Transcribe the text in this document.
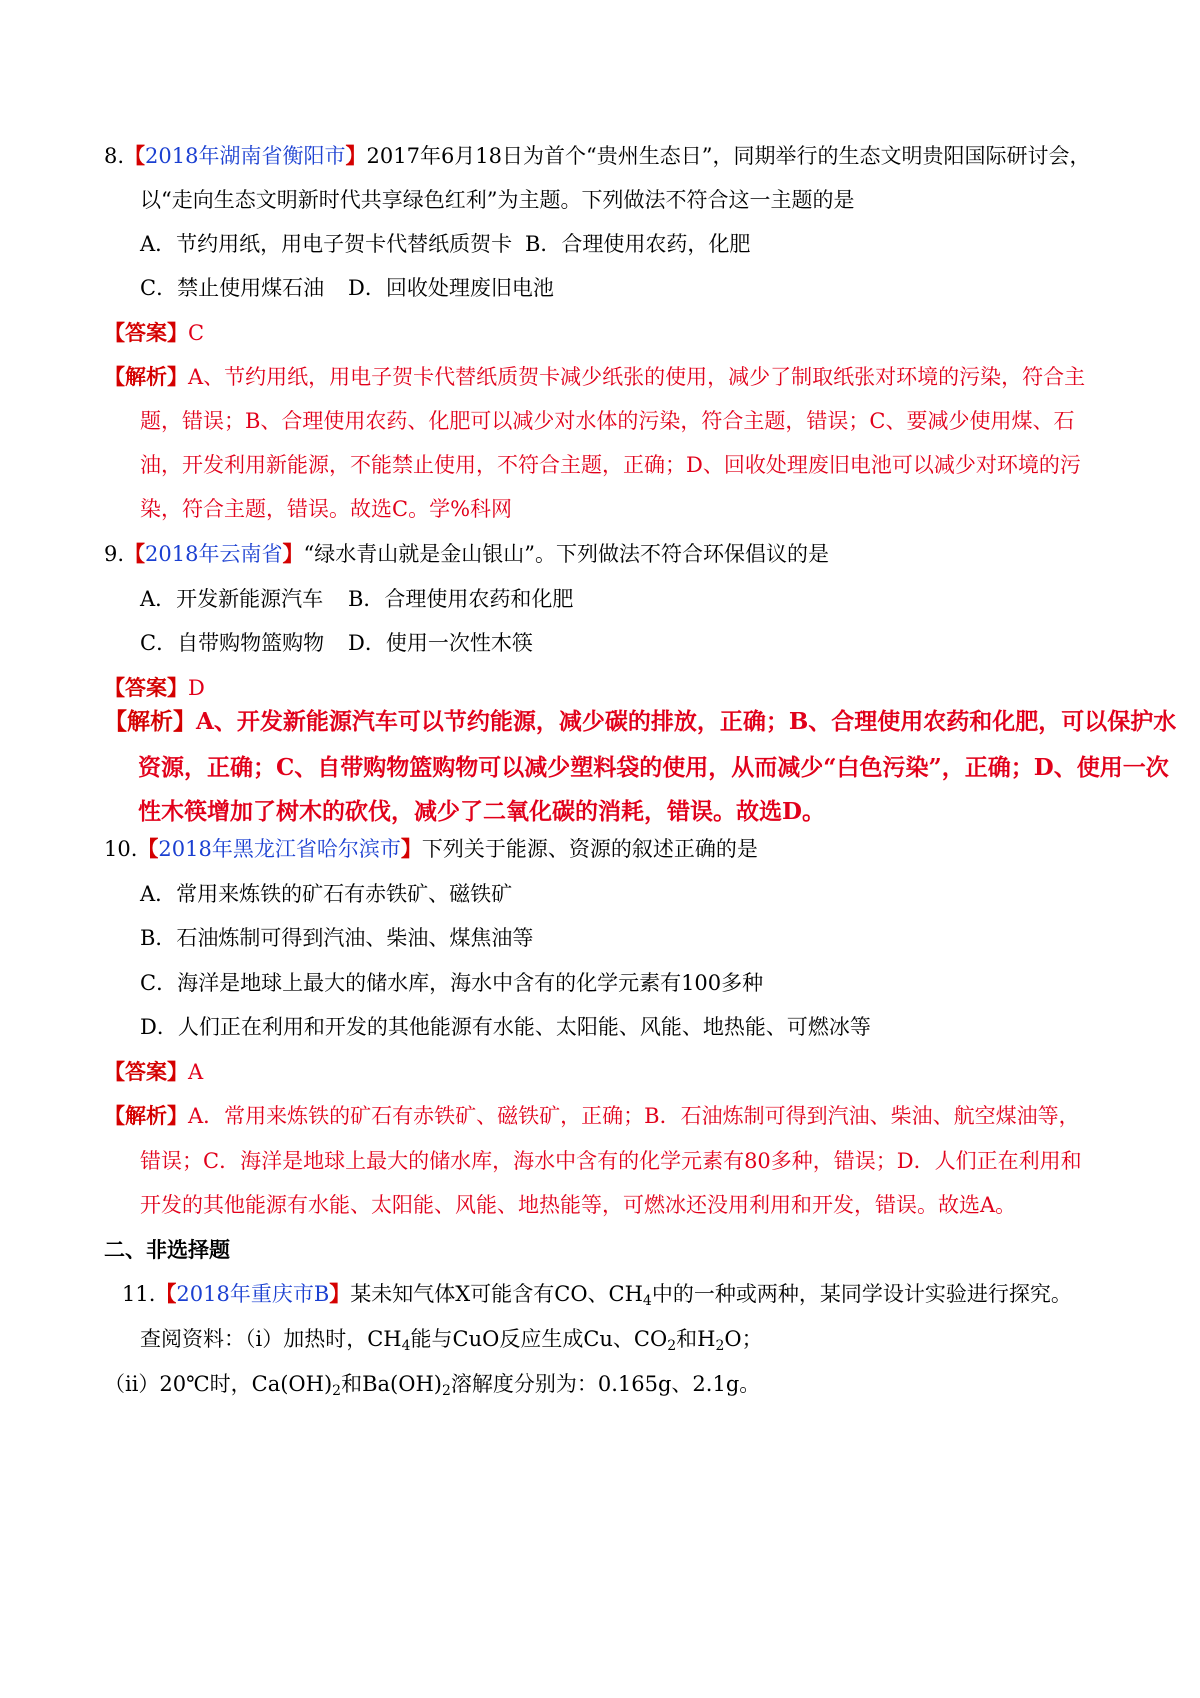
8.【2018年湖南省衡阳市】2017年6月18日为首个“贵州生态日”，同期举行的生态文明贵阳国际研讨会，
以“走向生态文明新时代共享绿色红利”为主题。下列做法不符合这一主题的是
A．节约用纸，用电子贺卡代替纸质贺卡 B．合理使用农药，化肥
C．禁止使用煤石油 D．回收处理废旧电池
【答案】C
【解析】A、节约用纸，用电子贺卡代替纸质贺卡减少纸张的使用，减少了制取纸张对环境的污染，符合主
题，错误；B、合理使用农药、化肥可以减少对水体的污染，符合主题，错误；C、要减少使用煤、石
油，开发利用新能源，不能禁止使用，不符合主题，正确；D、回收处理废旧电池可以减少对环境的污
染，符合主题，错误。故选C。学%科网
9.【2018年云南省】“绿水青山就是金山银山”。下列做法不符合环保倡议的是
A．开发新能源汽车 B．合理使用农药和化肥
C．自带购物篮购物 D．使用一次性木筷
【答案】D
【解析】A、开发新能源汽车可以节约能源，减少碳的排放，正确；B、合理使用农药和化肥，可以保护水
资源，正确；C、自带购物篮购物可以减少塑料袋的使用，从而减少“白色污染”，正确；D、使用一次
性木筷增加了树木的砍伐，减少了二氧化碳的消耗，错误。故选D。
10.【2018年黑龙江省哈尔滨市】下列关于能源、资源的叙述正确的是
A．常用来炼铁的矿石有赤铁矿、磁铁矿
B．石油炼制可得到汽油、柴油、煤焦油等
C．海洋是地球上最大的储水库，海水中含有的化学元素有100多种
D．人们正在利用和开发的其他能源有水能、太阳能、风能、地热能、可燃冰等
【答案】A
【解析】A．常用来炼铁的矿石有赤铁矿、磁铁矿，正确；B．石油炼制可得到汽油、柴油、航空煤油等，
错误；C．海洋是地球上最大的储水库，海水中含有的化学元素有80多种，错误；D．人们正在利用和
开发的其他能源有水能、太阳能、风能、地热能等，可燃冰还没用利用和开发，错误。故选A。
二、非选择题
11.【2018年重庆市B】某未知气体X可能含有CO、$CH_4$中的一种或两种，某同学设计实验进行探究。
查阅资料：（ⅰ）加热时，$CH_4$能与CuO反应生成Cu、$CO_2$和$H_2O$；
（ⅱ）20℃时，$Ca(OH)_2$和$Ba(OH)_2$溶解度分别为：0.165g、2.1g。
